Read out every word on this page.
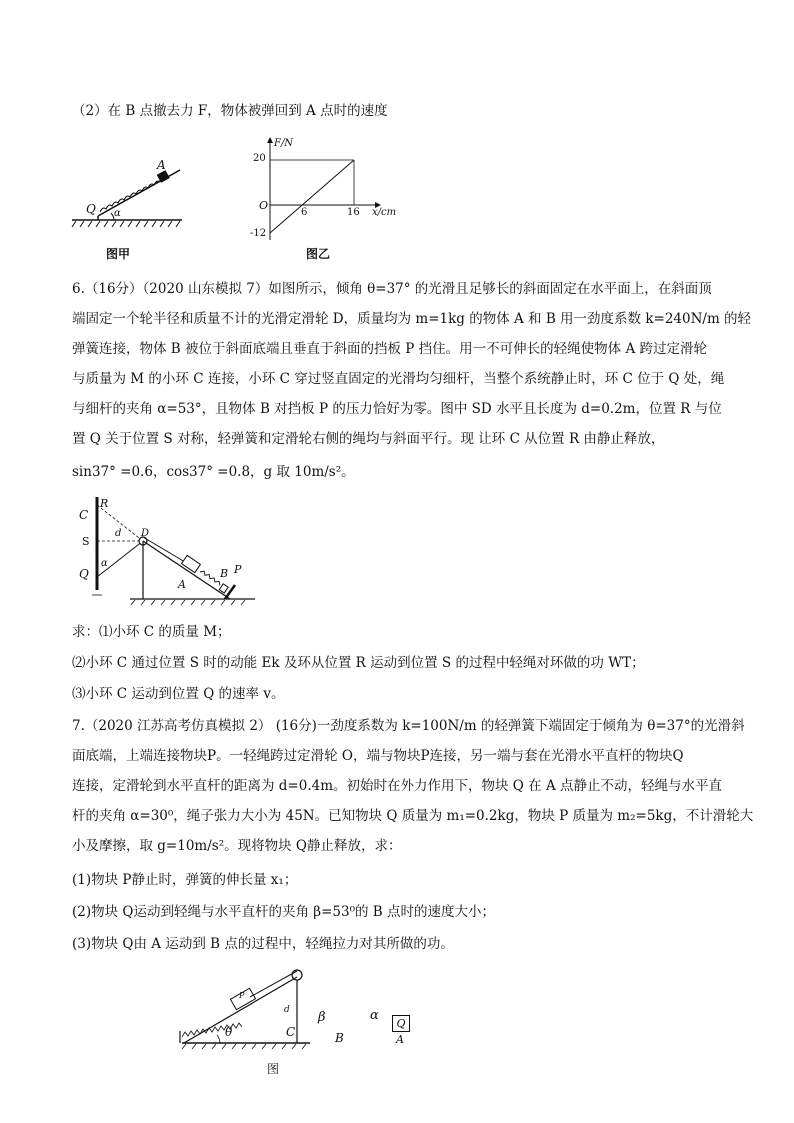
（2）在 B 点撤去力 F，物体被弹回到 A 点时的速度
A
Q α
图甲
F/N
20
O
6	16 x/cm
-12
图乙
6.（16分）（2020 山东模拟 7）如图所示，倾角 θ=37° 的光滑且足够长的斜面固定在水平面上，在斜面顶
端固定一个轮半径和质量不计的光滑定滑轮 D，质量均为 m=1kg 的物体 A 和 B 用一劲度系数 k=240N/m 的轻
弹簧连接，物体 B 被位于斜面底端且垂直于斜面的挡板 P 挡住。用一不可伸长的轻绳使物体 A 跨过定滑轮
与质量为 M 的小环 C 连接，小环 C 穿过竖直固定的光滑均匀细杆，当整个系统静止时，环 C 位于 Q 处，绳
与细杆的夹角 α=53°，且物体 B 对挡板 P 的压力恰好为零。图中 SD 水平且长度为 d=0.2m，位置 R 与位
置 Q 关于位置 S 对称，轻弹簧和定滑轮右侧的绳均与斜面平行。现 让环 C 从位置 R 由静止释放，
sin37° =0.6，cos37° =0.8，g 取 10m/s²。
C
R
D
S
d
Q
α
A
B P
求：⑴小环 C 的质量 M；
⑵小环 C 通过位置 S 时的动能 Ek 及环从位置 R 运动到位置 S 的过程中轻绳对环做的功 WT；
⑶小环 C 运动到位置 Q 的速率 v。
7.（2020 江苏高考仿真模拟 2） (16分)一劲度系数为 k=100N/m 的轻弹簧下端固定于倾角为 θ=37°的光滑斜
面底端，上端连接物块P。一轻绳跨过定滑轮 O，端与物块P连接，另一端与套在光滑水平直杆的物块Q
连接，定滑轮到水平直杆的距离为 d=0.4m。初始时在外力作用下，物块 Q 在 A 点静止不动，轻绳与水平直
杆的夹角 α=30⁰，绳子张力大小为 45N。已知物块 Q 质量为 m₁=0.2kg，物块 P 质量为 m₂=5kg，不计滑轮大
小及摩擦，取 g=10m/s²。现将物块 Q静止释放，求：
(1)物块 P静止时，弹簧的伸长量 x₁；
(2)物块 Q运动到轻绳与水平直杆的夹角 β=53⁰的 B 点时的速度大小；
(3)物块 Q由 A 运动到 B 点的过程中，轻绳拉力对其所做的功。
P
d
θ	C
β
B
α
Q
A
图
